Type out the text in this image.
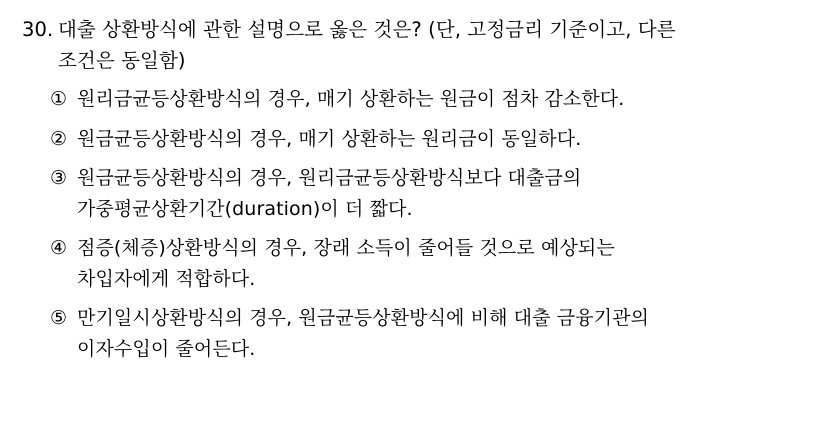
30. 대출 상환방식에 관한 설명으로 옳은 것은? (단, 고정금리 기준이고, 다른 조건은 동일함)
① 원리금균등상환방식의 경우, 매기 상환하는 원금이 점차 감소한다.
② 원금균등상환방식의 경우, 매기 상환하는 원리금이 동일하다.
③ 원금균등상환방식의 경우, 원리금균등상환방식보다 대출금의 가중평균상환기간(duration)이 더 짧다.
④ 점증(체증)상환방식의 경우, 장래 소득이 줄어들 것으로 예상되는 차입자에게 적합하다.
⑤ 만기일시상환방식의 경우, 원금균등상환방식에 비해 대출 금융기관의 이자수입이 줄어든다.
